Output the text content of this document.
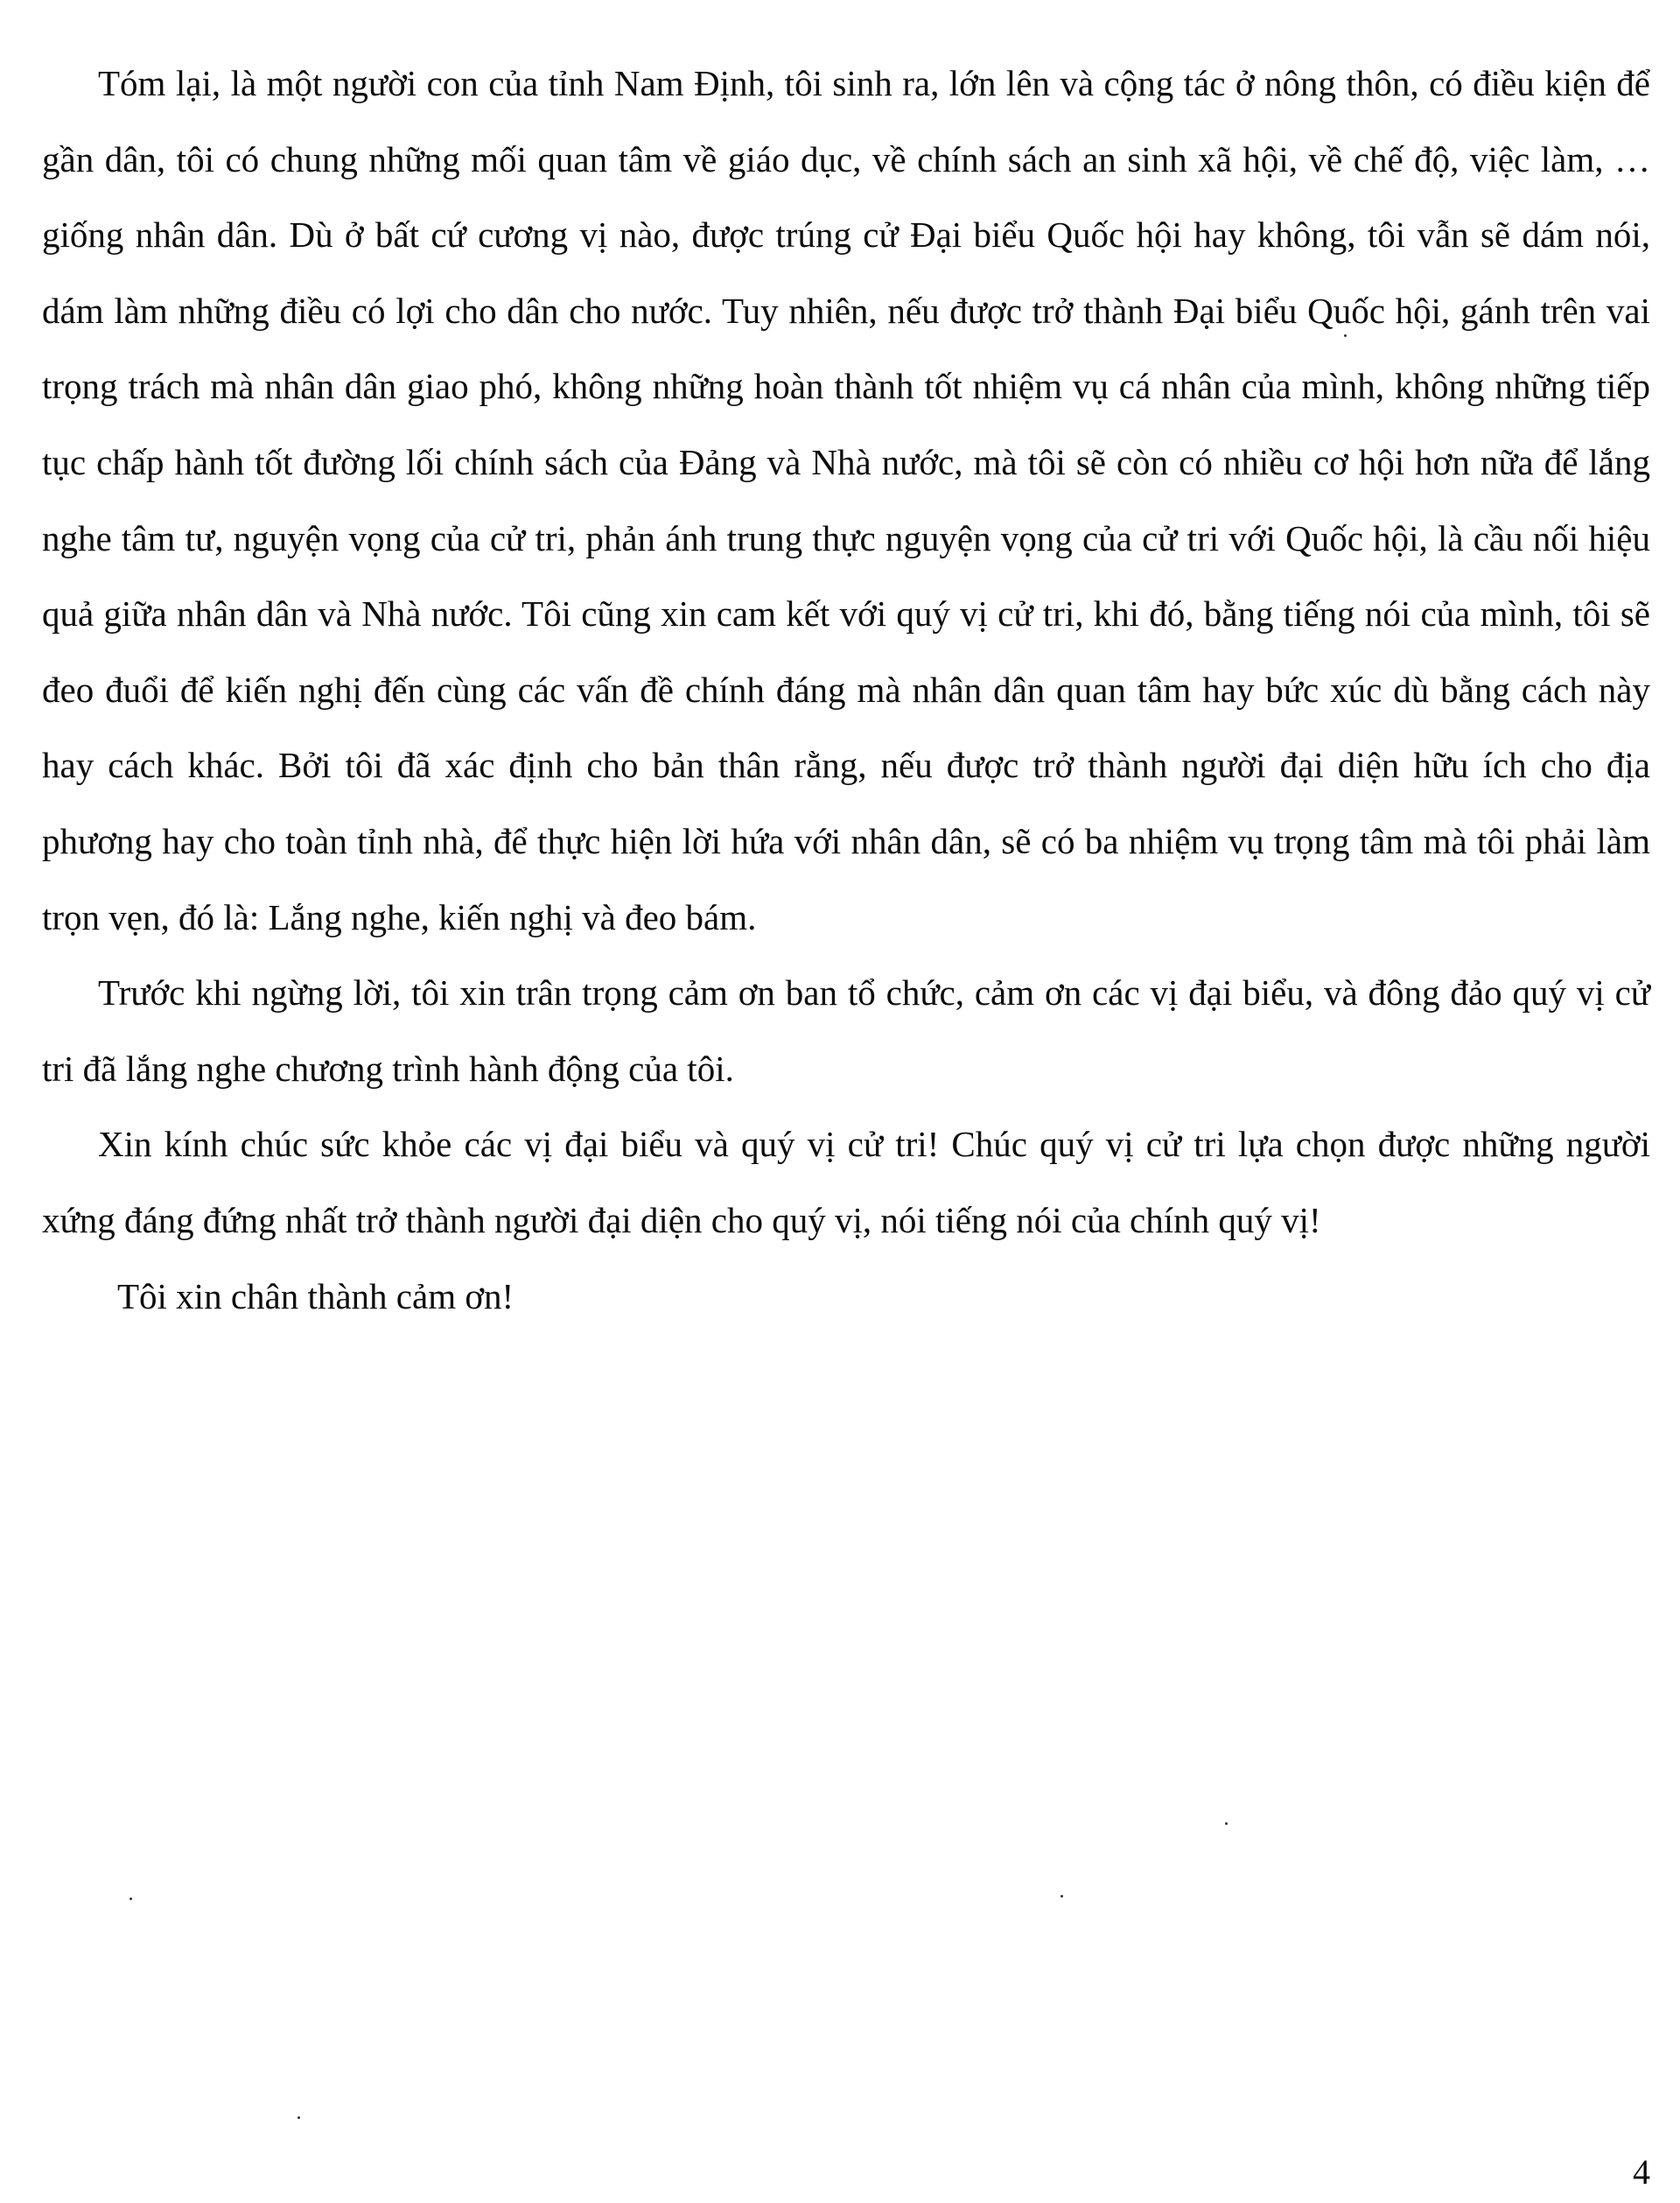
Tóm lại, là một người con của tỉnh Nam Định, tôi sinh ra, lớn lên và cộng tác ở nông thôn, có điều kiện để gần dân, tôi có chung những mối quan tâm về giáo dục, về chính sách an sinh xã hội, về chế độ, việc làm, … giống nhân dân. Dù ở bất cứ cương vị nào, được trúng cử Đại biểu Quốc hội hay không, tôi vẫn sẽ dám nói, dám làm những điều có lợi cho dân cho nước. Tuy nhiên, nếu được trở thành Đại biểu Quốc hội, gánh trên vai trọng trách mà nhân dân giao phó, không những hoàn thành tốt nhiệm vụ cá nhân của mình, không những tiếp tục chấp hành tốt đường lối chính sách của Đảng và Nhà nước, mà tôi sẽ còn có nhiều cơ hội hơn nữa để lắng nghe tâm tư, nguyện vọng của cử tri, phản ánh trung thực nguyện vọng của cử tri với Quốc hội, là cầu nối hiệu quả giữa nhân dân và Nhà nước. Tôi cũng xin cam kết với quý vị cử tri, khi đó, bằng tiếng nói của mình, tôi sẽ đeo đuổi để kiến nghị đến cùng các vấn đề chính đáng mà nhân dân quan tâm hay bức xúc dù bằng cách này hay cách khác. Bởi tôi đã xác định cho bản thân rằng, nếu được trở thành người đại diện hữu ích cho địa phương hay cho toàn tỉnh nhà, để thực hiện lời hứa với nhân dân, sẽ có ba nhiệm vụ trọng tâm mà tôi phải làm trọn vẹn, đó là: Lắng nghe, kiến nghị và đeo bám.

Trước khi ngừng lời, tôi xin trân trọng cảm ơn ban tổ chức, cảm ơn các vị đại biểu, và đông đảo quý vị cử tri đã lắng nghe chương trình hành động của tôi.

Xin kính chúc sức khỏe các vị đại biểu và quý vị cử tri! Chúc quý vị cử tri lựa chọn được những người xứng đáng đứng nhất trở thành người đại diện cho quý vị, nói tiếng nói của chính quý vị!

Tôi xin chân thành cảm ơn!

4
